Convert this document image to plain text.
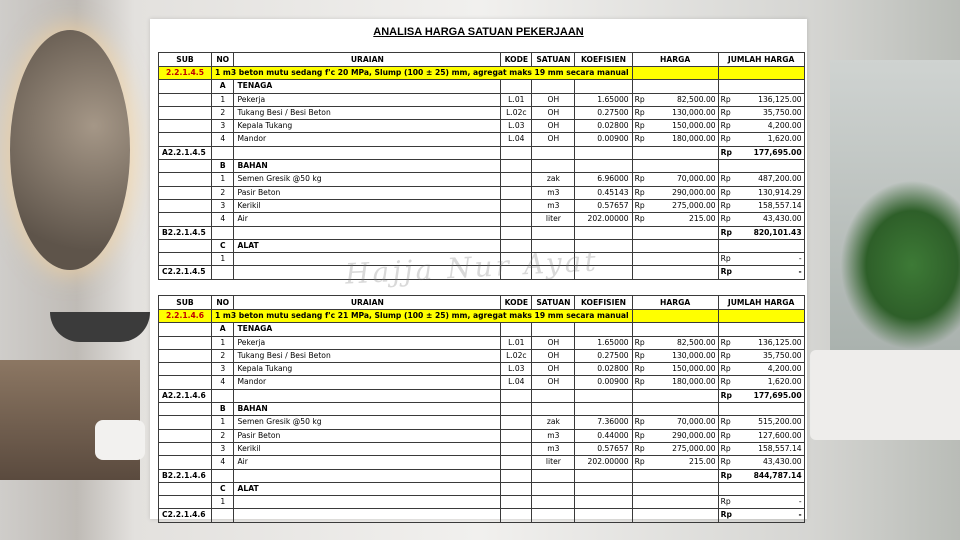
ANALISA HARGA SATUAN PEKERJAAN
SUB	NO	URAIAN	KODE	SATUAN	KOEFISIEN	HARGA	JUMLAH HARGA
2.2.1.4.5	1 m3 beton mutu sedang f'c 20 MPa, Slump (100 ± 25) mm, agregat maks 19 mm secara manual						
	A	TENAGA					
	1	Pekerja	L.01	OH	1.65000	Rp 82,500.00	Rp 136,125.00

	2	Tukang Besi / Besi Beton	L.02c	OH	0.27500	Rp 130,000.00	Rp 35,750.00

	3	Kepala Tukang	L.03	OH	0.02800	Rp 150,000.00	Rp 4,200.00

	4	Mandor	L.04	OH	0.00900	Rp 180,000.00	Rp 1,620.00

A2.2.1.4.5							Rp 177,695.00

	B	BAHAN					
	1	Semen Gresik @50 kg		zak	6.96000	Rp 70,000.00	Rp 487,200.00

	2	Pasir Beton		m3	0.45143	Rp 290,000.00	Rp 130,914.29

	3	Kerikil		m3	0.57657	Rp 275,000.00	Rp 158,557.14

	4	Air		liter	202.00000	Rp 215.00	Rp 43,430.00

B2.2.1.4.5							Rp 820,101.43

	C	ALAT					
	1						Rp -

C2.2.1.4.5							Rp -
SUB	NO	URAIAN	KODE	SATUAN	KOEFISIEN	HARGA	JUMLAH HARGA
2.2.1.4.6	1 m3 beton mutu sedang f'c 21 MPa, Slump (100 ± 25) mm, agregat maks 19 mm secara manual						
	A	TENAGA					
	1	Pekerja	L.01	OH	1.65000	Rp 82,500.00	Rp 136,125.00

	2	Tukang Besi / Besi Beton	L.02c	OH	0.27500	Rp 130,000.00	Rp 35,750.00

	3	Kepala Tukang	L.03	OH	0.02800	Rp 150,000.00	Rp 4,200.00

	4	Mandor	L.04	OH	0.00900	Rp 180,000.00	Rp 1,620.00

A2.2.1.4.6							Rp 177,695.00

	B	BAHAN					
	1	Semen Gresik @50 kg		zak	7.36000	Rp 70,000.00	Rp 515,200.00

	2	Pasir Beton		m3	0.44000	Rp 290,000.00	Rp 127,600.00

	3	Kerikil		m3	0.57657	Rp 275,000.00	Rp 158,557.14

	4	Air		liter	202.00000	Rp 215.00	Rp 43,430.00

B2.2.1.4.6							Rp 844,787.14

	C	ALAT					
	1						Rp -

C2.2.1.4.6							Rp -
Hajja Nur Ayat
